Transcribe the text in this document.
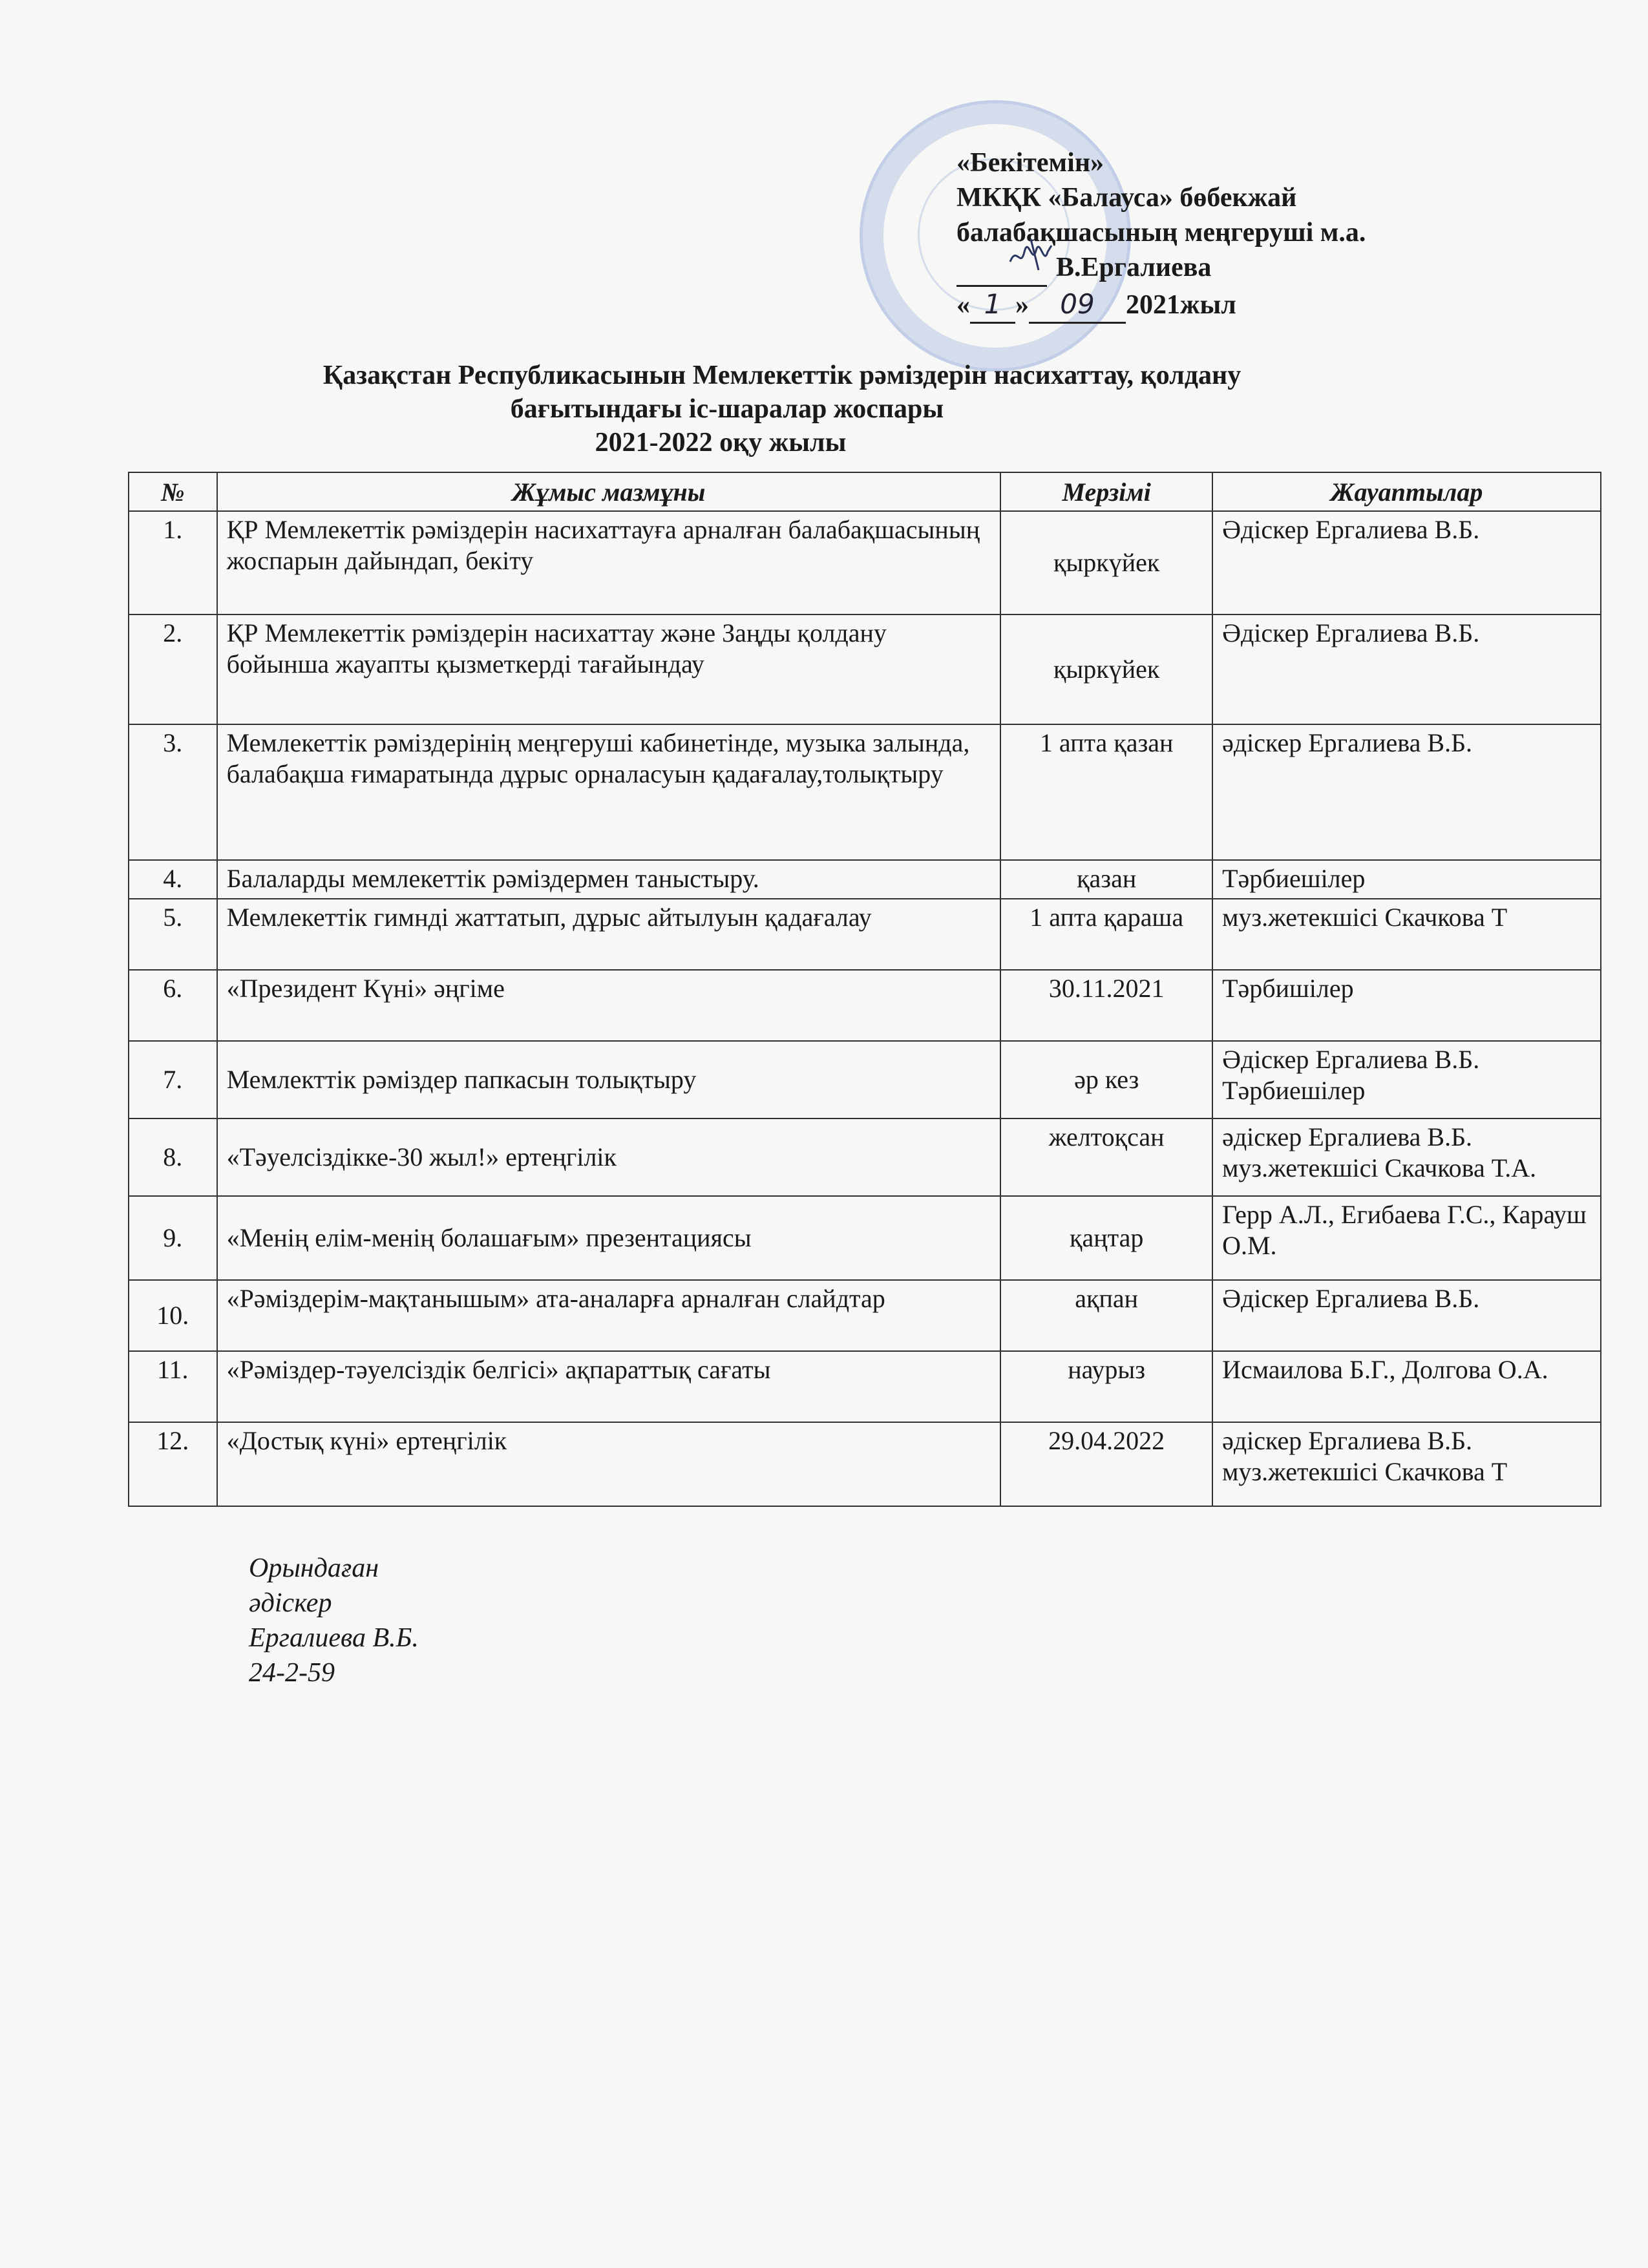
«Бекітемін»
МКҚК «Балауса» бөбекжай
балабақшасының меңгеруші м.а.
В.Ергалиева
« 1 » 09 2021жыл
Қазақстан Республикасынын Мемлекеттік рәміздерін насихаттау, қолдану
бағытындағы іс-шаралар жоспары
2021-2022 оқу жылы
№	Жұмыс мазмұны	Мерзімі	Жауаптылар
1.	ҚР Мемлекеттік рәміздерін насихаттауға арналған балабақшасының жоспарын дайындап, бекіту	қыркүйек	Әдіскер Ергалиева В.Б.
2.	ҚР Мемлекеттік рәміздерін насихаттау және Заңды қолдану бойынша жауапты қызметкерді тағайындау	қыркүйек	Әдіскер Ергалиева В.Б.
3.	Мемлекеттік рәміздерінің меңгеруші кабинетінде, музыка залында, балабақша ғимаратында дұрыс орналасуын қадағалау,толықтыру	1 апта қазан	әдіскер Ергалиева В.Б.
4.	Балаларды мемлекеттік рәміздермен таныстыру.	қазан	Тәрбиешілер
5.	Мемлекеттік гимнді жаттатып, дұрыс айтылуын қадағалау	1 апта қараша	муз.жетекшісі Скачкова Т
6.	«Президент Күні» әңгіме	30.11.2021	Тәрбишілер
7.	Мемлекттік рәміздер папкасын толықтыру	әр кез	Әдіскер Ергалиева В.Б. Тәрбиешілер
8.	«Тәуелсіздікке-30 жыл!» ертеңгілік	желтоқсан	әдіскер Ергалиева В.Б. муз.жетекшісі Скачкова Т.А.
9.	«Менің елім-менің болашағым» презентациясы	қаңтар	Герр А.Л., Егибаева Г.С., Карауш О.М.
10.	«Рәміздерім-мақтанышым» ата-аналарға арналған слайдтар	ақпан	Әдіскер Ергалиева В.Б.
11.	«Рәміздер-тәуелсіздік белгісі» ақпараттық сағаты	наурыз	Исмаилова Б.Г., Долгова О.А.
12.	«Достық күні» ертеңгілік	29.04.2022	әдіскер Ергалиева В.Б. муз.жетекшісі Скачкова Т
Орындаған
әдіскер
Ергалиева В.Б.
24-2-59
